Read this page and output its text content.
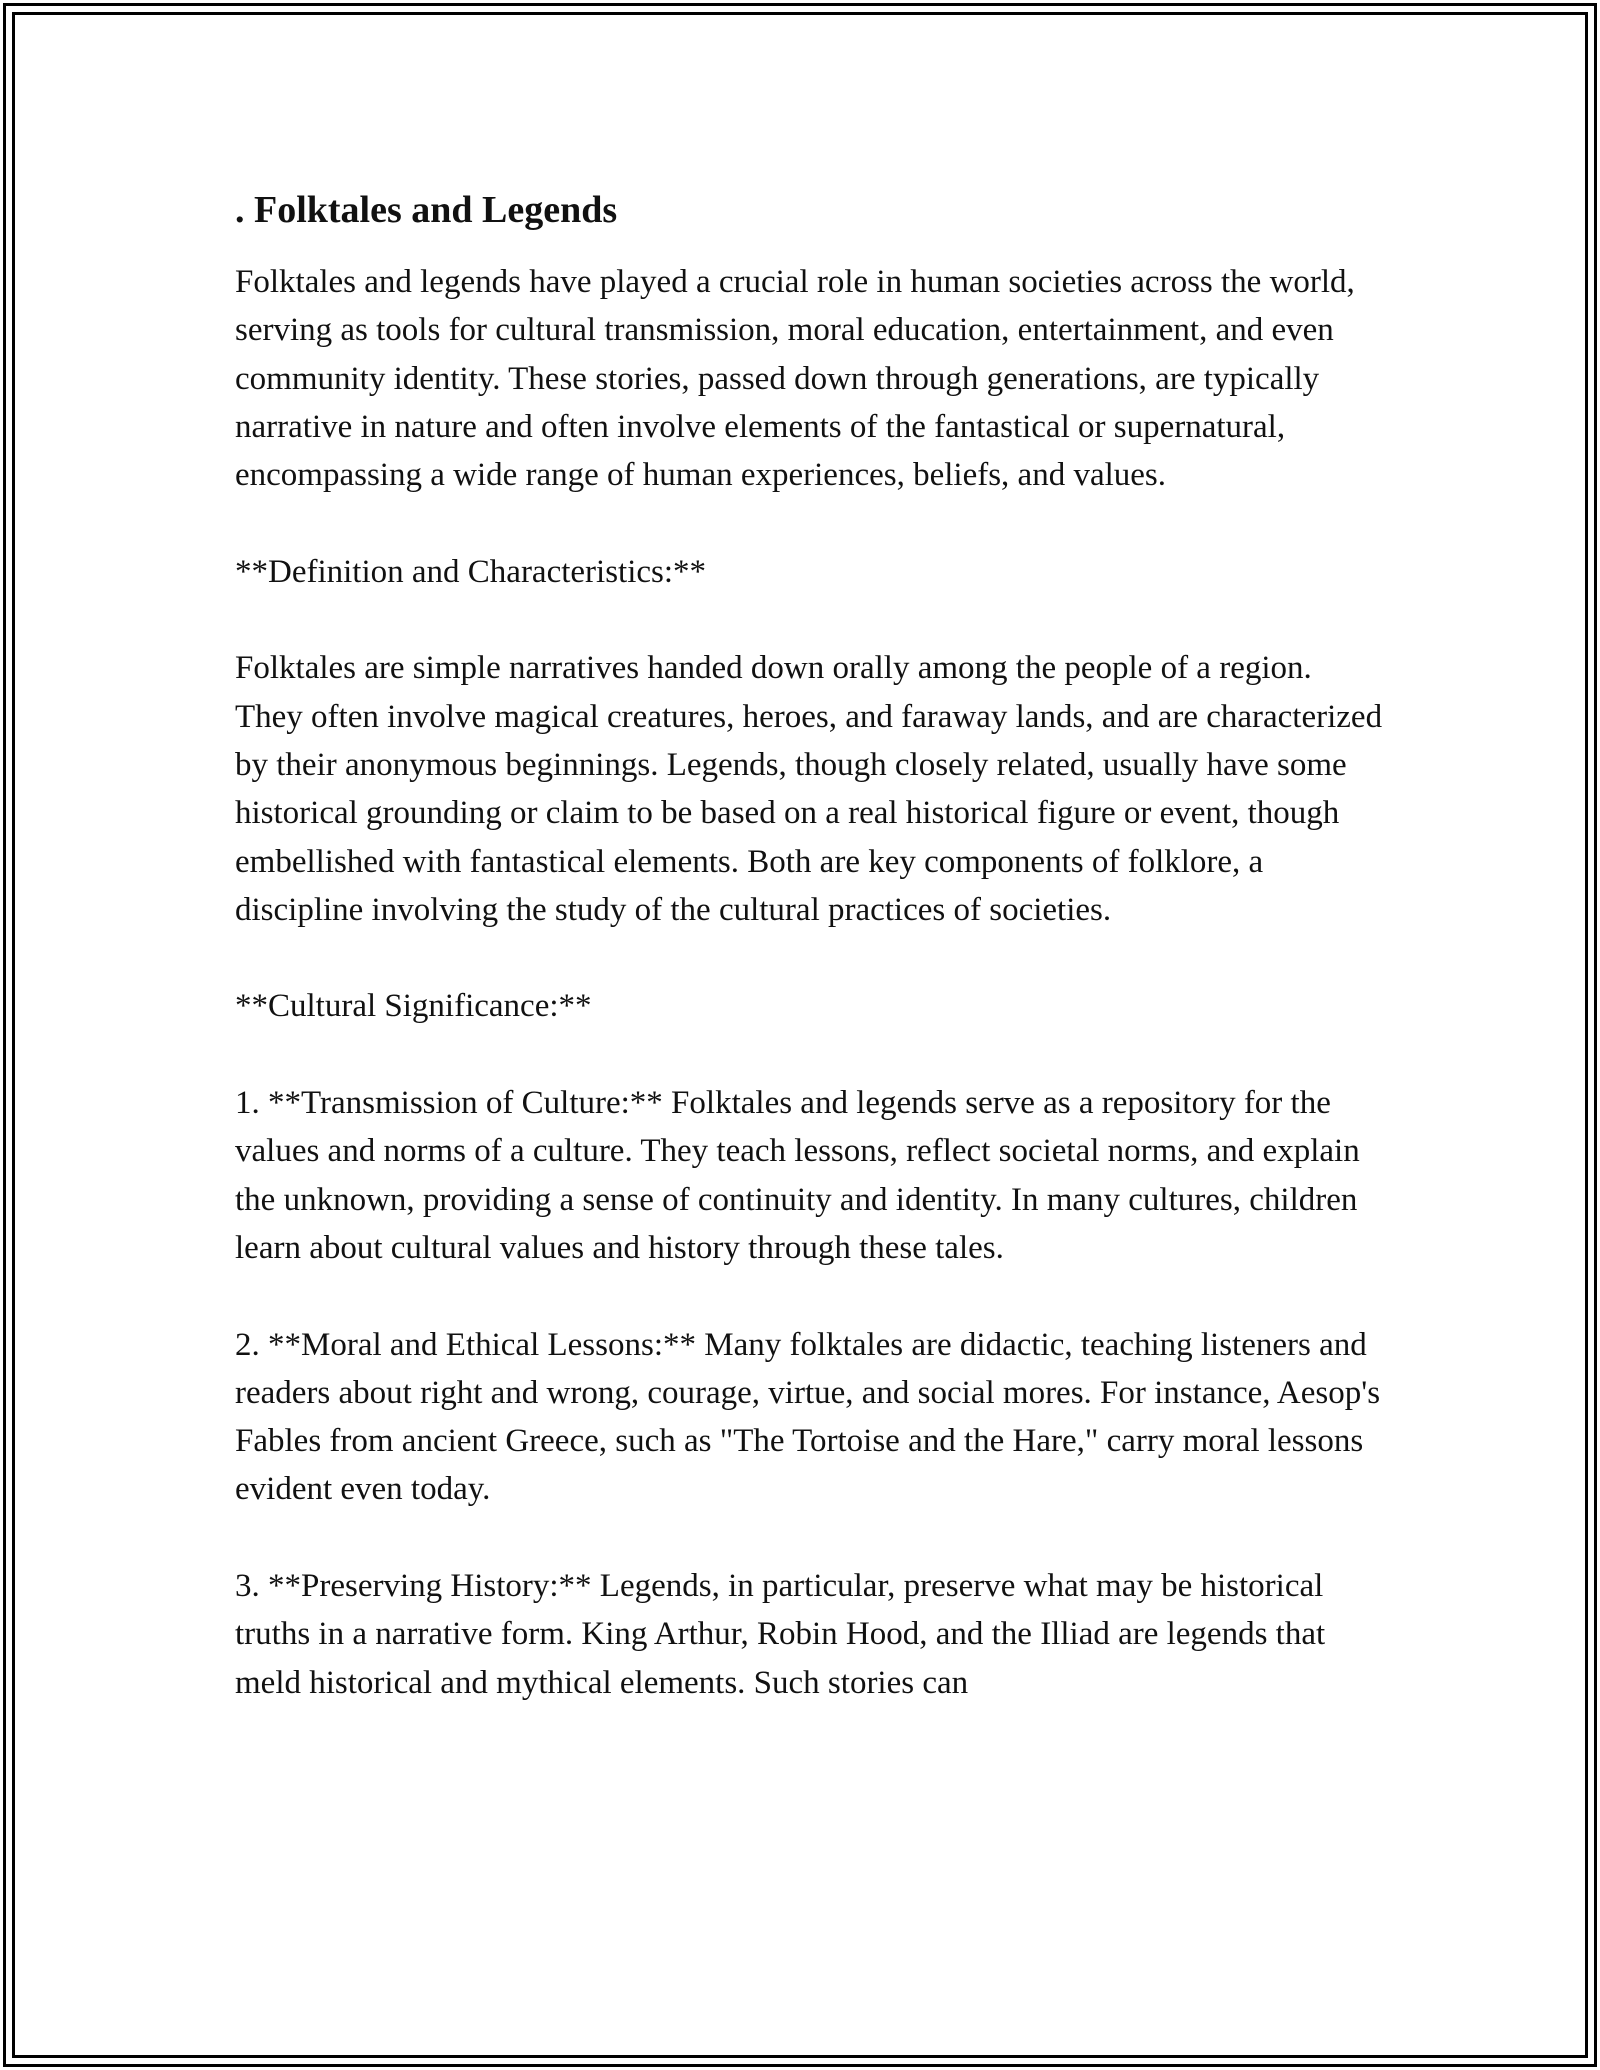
. Folktales and Legends

Folktales and legends have played a crucial role in human societies across the world, serving as tools for cultural transmission, moral education, entertainment, and even community identity. These stories, passed down through generations, are typically narrative in nature and often involve elements of the fantastical or supernatural, encompassing a wide range of human experiences, beliefs, and values.

**Definition and Characteristics:**

Folktales are simple narratives handed down orally among the people of a region. They often involve magical creatures, heroes, and faraway lands, and are characterized by their anonymous beginnings. Legends, though closely related, usually have some historical grounding or claim to be based on a real historical figure or event, though embellished with fantastical elements. Both are key components of folklore, a discipline involving the study of the cultural practices of societies.

**Cultural Significance:**

1. **Transmission of Culture:** Folktales and legends serve as a repository for the values and norms of a culture. They teach lessons, reflect societal norms, and explain the unknown, providing a sense of continuity and identity. In many cultures, children learn about cultural values and history through these tales.

2. **Moral and Ethical Lessons:** Many folktales are didactic, teaching listeners and readers about right and wrong, courage, virtue, and social mores. For instance, Aesop's Fables from ancient Greece, such as "The Tortoise and the Hare," carry moral lessons evident even today.

3. **Preserving History:** Legends, in particular, preserve what may be historical truths in a narrative form. King Arthur, Robin Hood, and the Illiad are legends that meld historical and mythical elements. Such stories can
